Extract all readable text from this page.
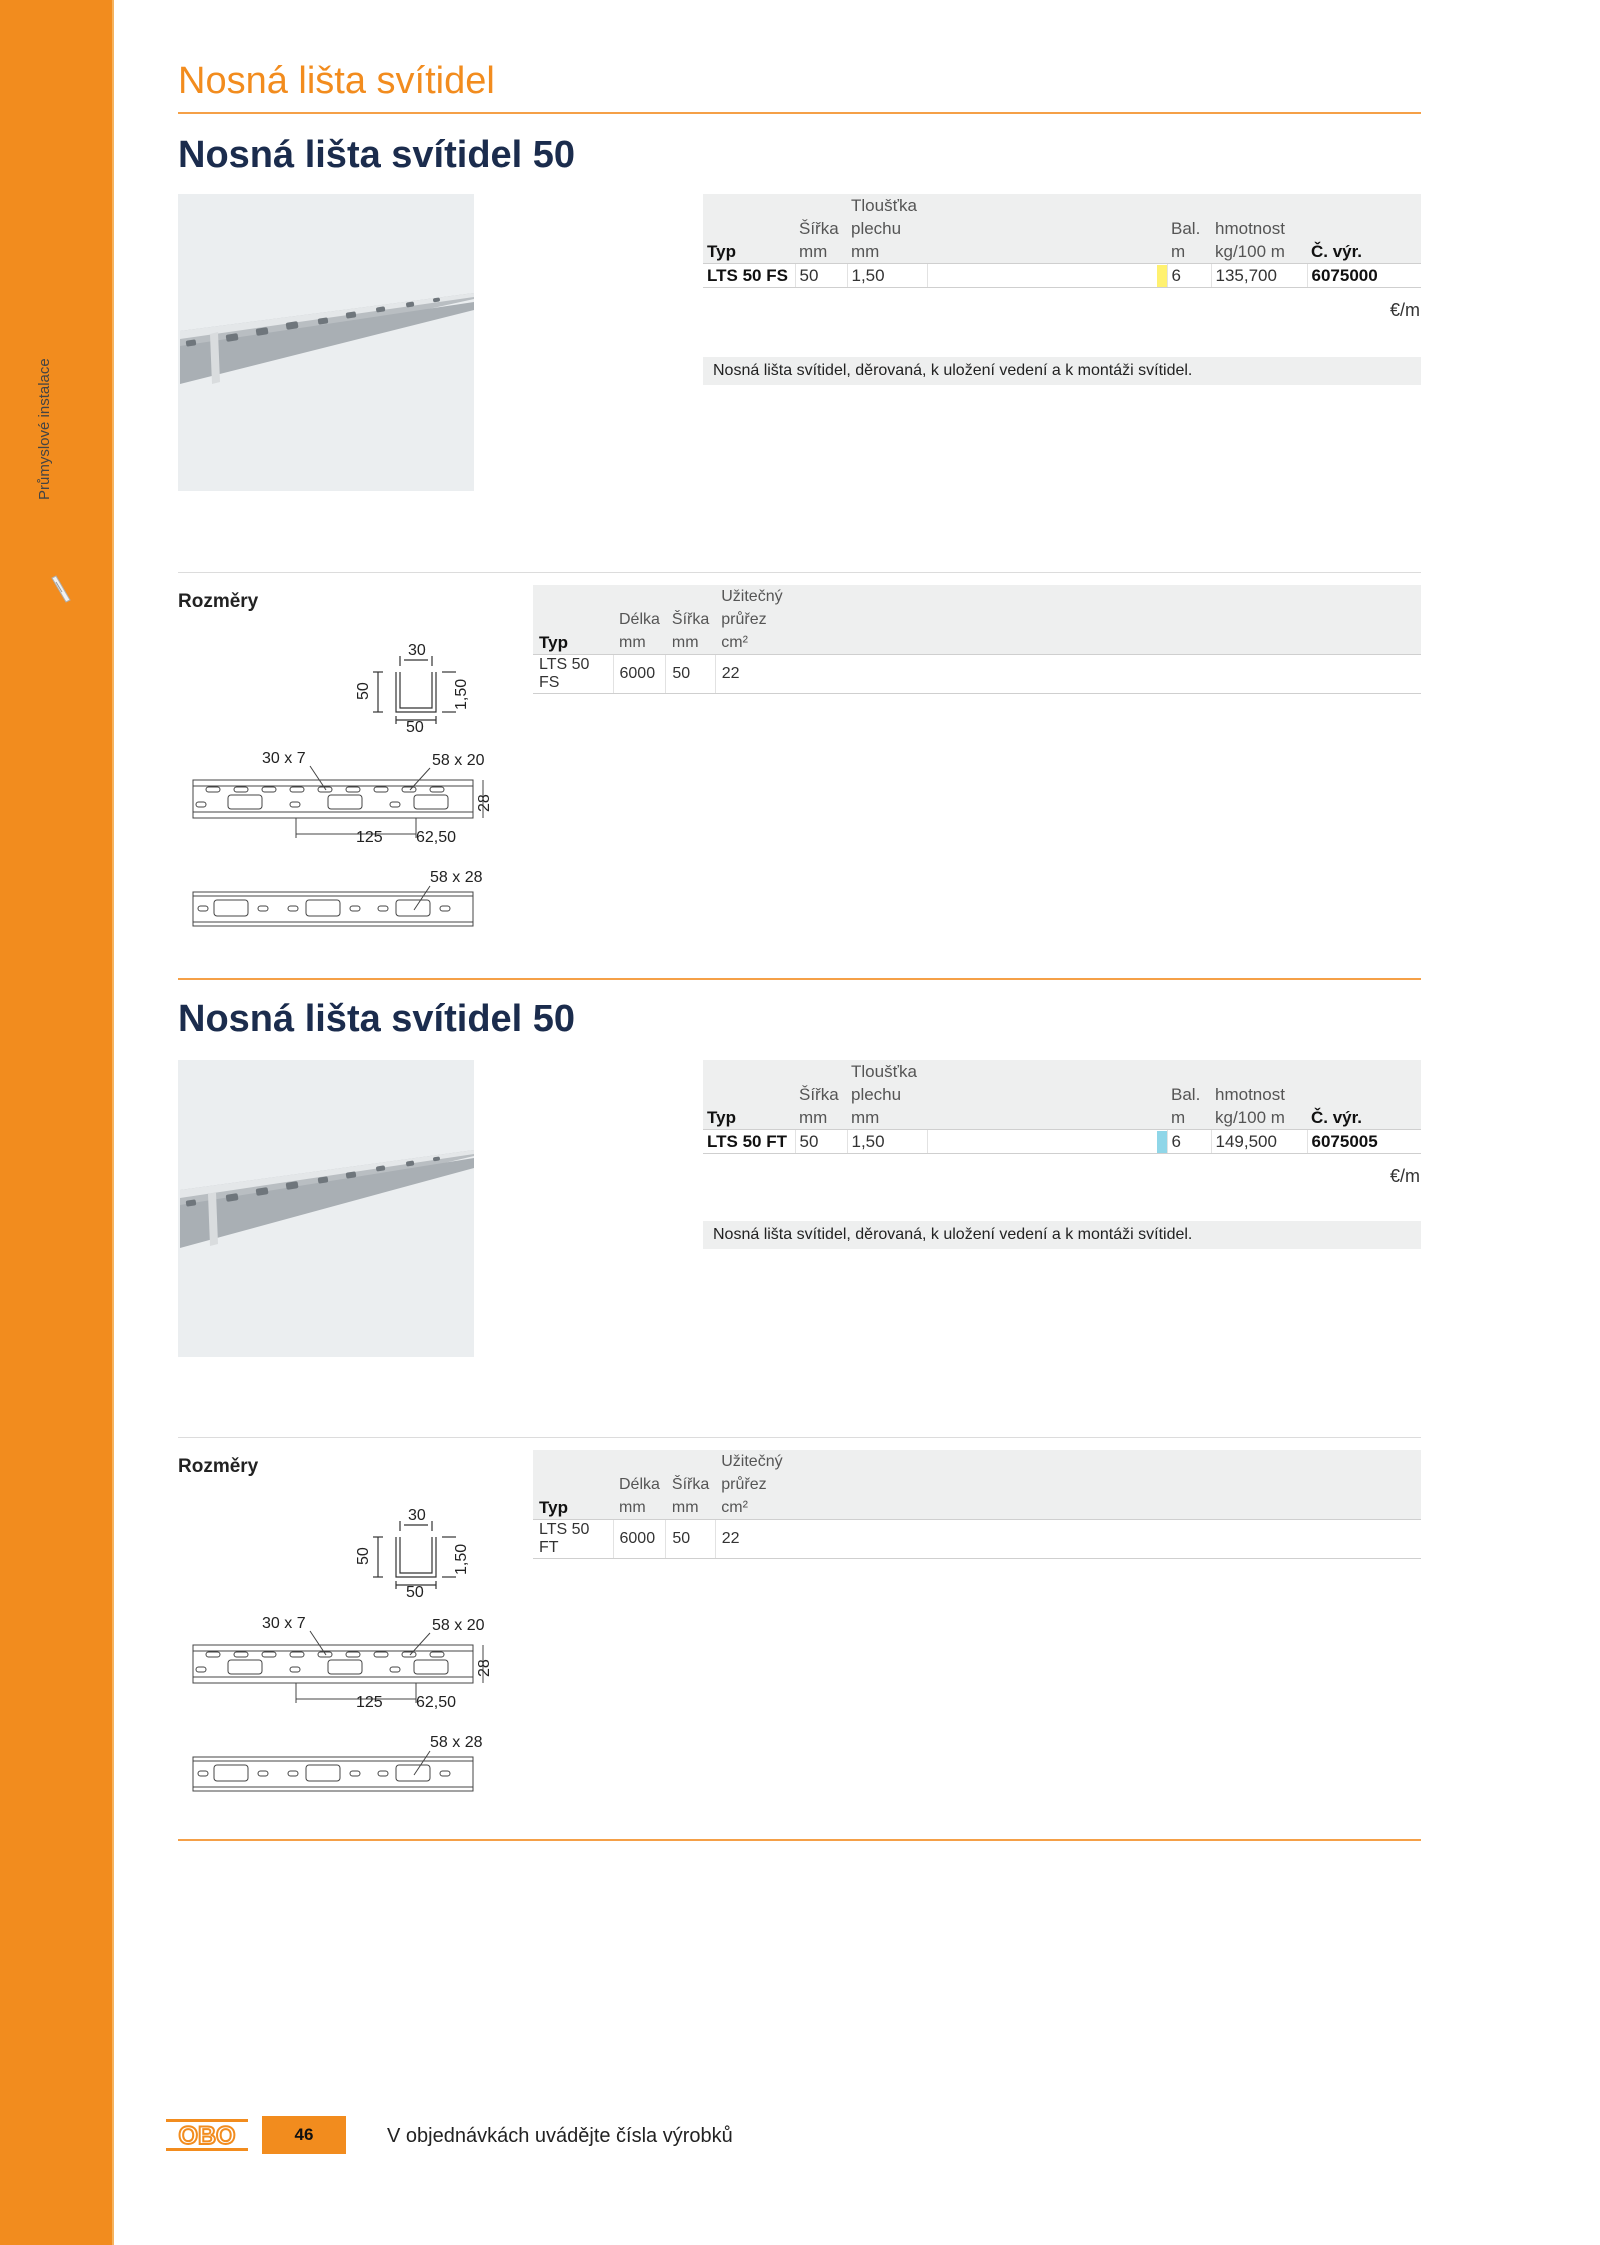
Průmyslové instalace
Nosná lišta svítidel
Nosná lišta svítidel 50
		Tloušťka				
	Šířka	plechu		Bal.	hmotnost	
Typ	mm	mm		m	kg/100 m	Č. výr.
LTS 50 FS	50	1,50		6	135,700	6075000
€/m
Nosná lišta svítidel, děrovaná, k uložení vedení a k montáži svítidel.
Rozměry
				Užitečný
	Délka	Šířka	průřez
Typ	mm	mm	cm²
LTS 50 FS	6000	50	22
30
50	1,50
50
30 x 7	58 x 20
28
125 62,50
58 x 28
Nosná lišta svítidel 50
		Tloušťka				
	Šířka	plechu		Bal.	hmotnost	
Typ	mm	mm		m	kg/100 m	Č. výr.
LTS 50 FT	50	1,50		6	149,500	6075005
€/m
Nosná lišta svítidel, děrovaná, k uložení vedení a k montáži svítidel.
Rozměry
				Užitečný
	Délka	Šířka	průřez
Typ	mm	mm	cm²
LTS 50 FT	6000	50	22
30
50	1,50
50
30 x 7	58 x 20
28
125 62,50
58 x 28
OBO	46	V objednávkách uvádějte čísla výrobků
